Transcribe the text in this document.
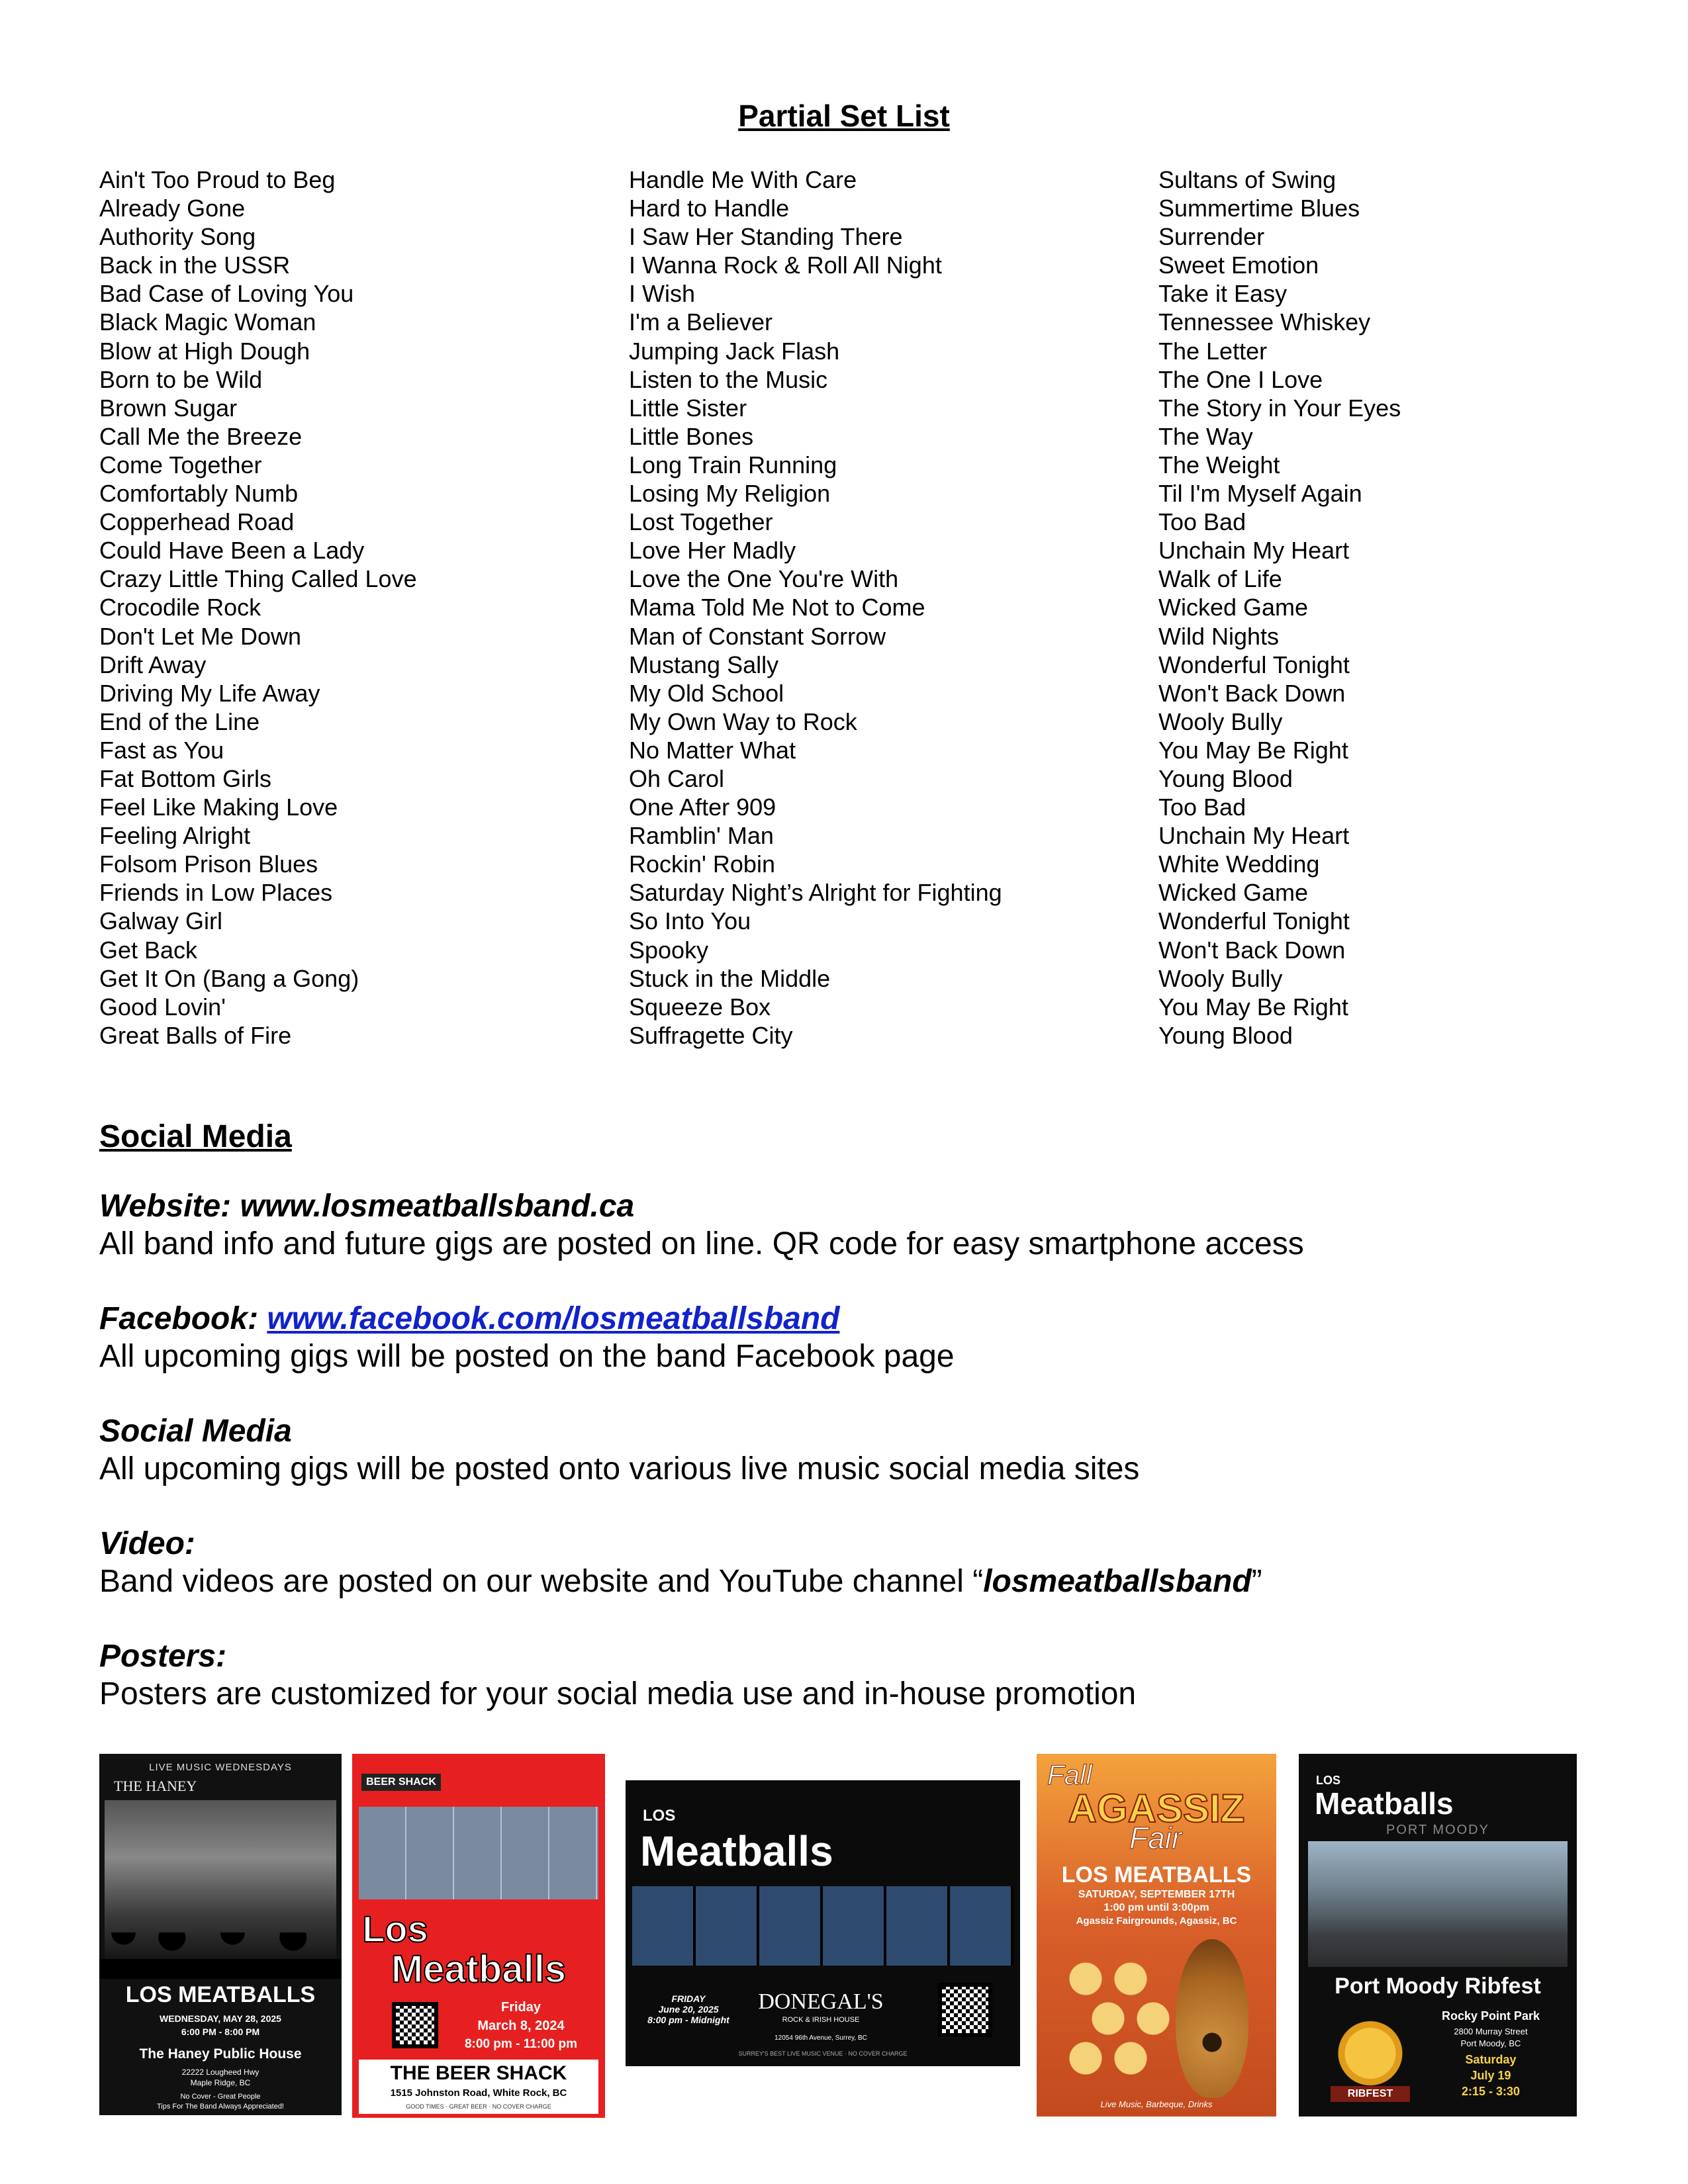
Partial Set List
Ain't Too Proud to Beg
Already Gone
Authority Song
Back in the USSR
Bad Case of Loving You
Black Magic Woman
Blow at High Dough
Born to be Wild
Brown Sugar
Call Me the Breeze
Come Together
Comfortably Numb
Copperhead Road
Could Have Been a Lady
Crazy Little Thing Called Love
Crocodile Rock
Don't Let Me Down
Drift Away
Driving My Life Away
End of the Line
Fast as You
Fat Bottom Girls
Feel Like Making Love
Feeling Alright
Folsom Prison Blues
Friends in Low Places
Galway Girl
Get Back
Get It On (Bang a Gong)
Good Lovin'
Great Balls of Fire
Handle Me With Care
Hard to Handle
I Saw Her Standing There
I Wanna Rock & Roll All Night
I Wish
I'm a Believer
Jumping Jack Flash
Listen to the Music
Little Sister
Little Bones
Long Train Running
Losing My Religion
Lost Together
Love Her Madly
Love the One You're With
Mama Told Me Not to Come
Man of Constant Sorrow
Mustang Sally
My Old School
My Own Way to Rock
No Matter What
Oh Carol
One After 909
Ramblin' Man
Rockin' Robin
Saturday Night’s Alright for Fighting
So Into You
Spooky
Stuck in the Middle
Squeeze Box
Suffragette City
Sultans of Swing
Summertime Blues
Surrender
Sweet Emotion
Take it Easy
Tennessee Whiskey
The Letter
The One I Love
The Story in Your Eyes
The Way
The Weight
Til I'm Myself Again
Too Bad
Unchain My Heart
Walk of Life
Wicked Game
Wild Nights
Wonderful Tonight
Won't Back Down
Wooly Bully
You May Be Right
Young Blood
Too Bad
Unchain My Heart
White Wedding
Wicked Game
Wonderful Tonight
Won't Back Down
Wooly Bully
You May Be Right
Young Blood
Social Media
Website: www.losmeatballsband.ca
All band info and future gigs are posted on line. QR code for easy smartphone access
Facebook: www.facebook.com/losmeatballsband
All upcoming gigs will be posted on the band Facebook page
Social Media
All upcoming gigs will be posted onto various live music social media sites
Video:
Band videos are posted on our website and YouTube channel “losmeatballsband”
Posters:
Posters are customized for your social media use and in-house promotion
LIVE MUSIC WEDNESDAYS
THE HANEY
LOS MEATBALLS
WEDNESDAY, MAY 28, 2025
6:00 PM - 8:00 PM
The Haney Public House
22222 Lougheed Hwy
Maple Ridge, BC
No Cover - Great People
Tips For The Band Always Appreciated!
BEER SHACK
Los
Meatballs
Friday
March 8, 2024
8:00 pm - 11:00 pm
THE BEER SHACK
1515 Johnston Road, White Rock, BC
GOOD TIMES · GREAT BEER · NO COVER CHARGE
LOS
Meatballs
FRIDAY
June 20, 2025
8:00 pm - Midnight
DONEGAL'S
ROCK & IRISH HOUSE
12054 96th Avenue, Surrey, BC
SURREY'S BEST LIVE MUSIC VENUE · NO COVER CHARGE
Fall
AGASSIZ
Fair
LOS MEATBALLS
SATURDAY, SEPTEMBER 17TH
1:00 pm until 3:00pm
Agassiz Fairgrounds, Agassiz, BC
Live Music, Barbeque, Drinks
LOS
Meatballs
PORT MOODY
Port Moody Ribfest
RIBFEST
Rocky Point Park
2800 Murray Street
Port Moody, BC
Saturday
July 19
2:15 - 3:30
